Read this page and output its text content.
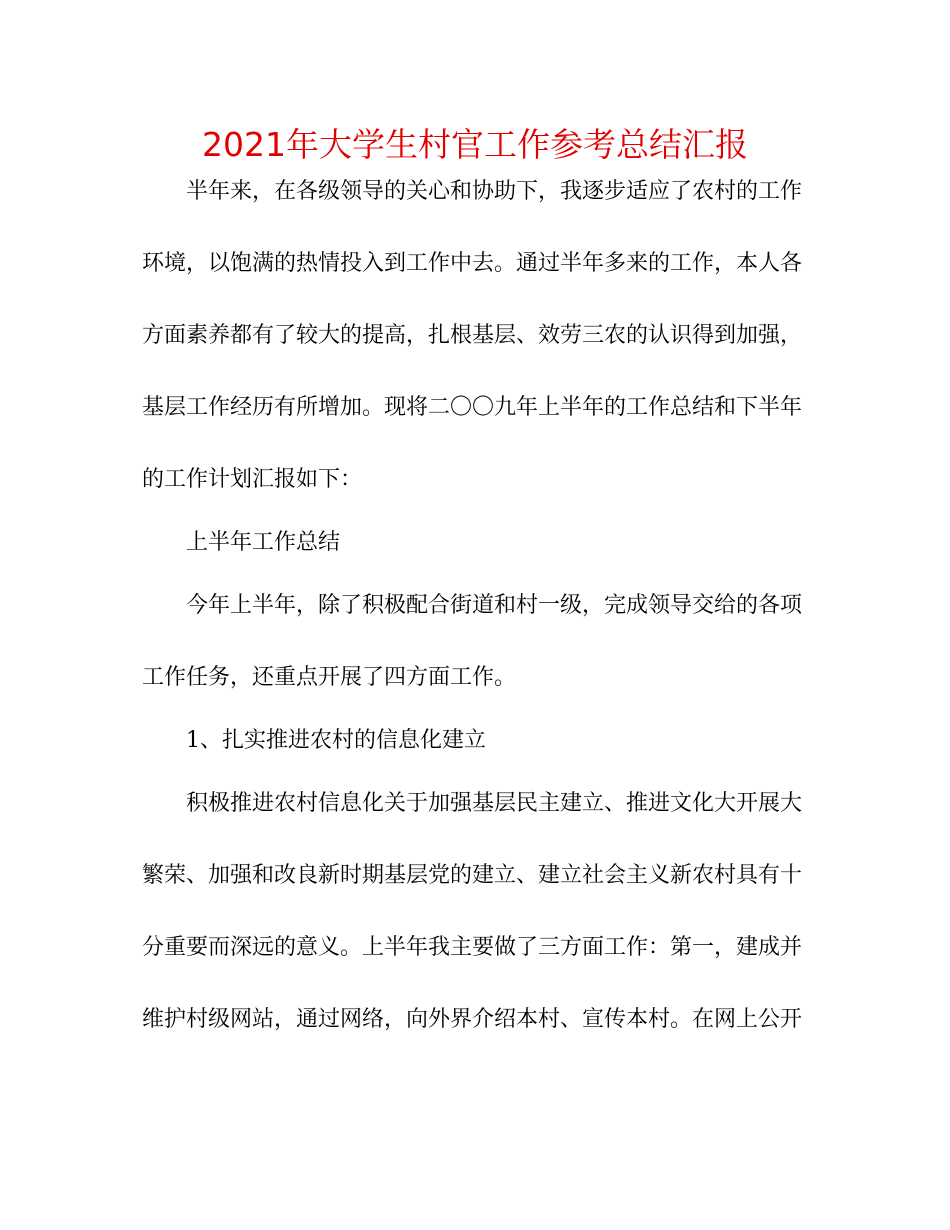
2021年大学生村官工作参考总结汇报
半年来，在各级领导的关心和协助下，我逐步适应了农村的工作
环境，以饱满的热情投入到工作中去。通过半年多来的工作，本人各
方面素养都有了较大的提高，扎根基层、效劳三农的认识得到加强，
基层工作经历有所增加。现将二〇〇九年上半年的工作总结和下半年
的工作计划汇报如下：
上半年工作总结
今年上半年，除了积极配合街道和村一级，完成领导交给的各项
工作任务，还重点开展了四方面工作。
1、扎实推进农村的信息化建立
积极推进农村信息化关于加强基层民主建立、推进文化大开展大
繁荣、加强和改良新时期基层党的建立、建立社会主义新农村具有十
分重要而深远的意义。上半年我主要做了三方面工作：第一，建成并
维护村级网站，通过网络，向外界介绍本村、宣传本村。在网上公开
